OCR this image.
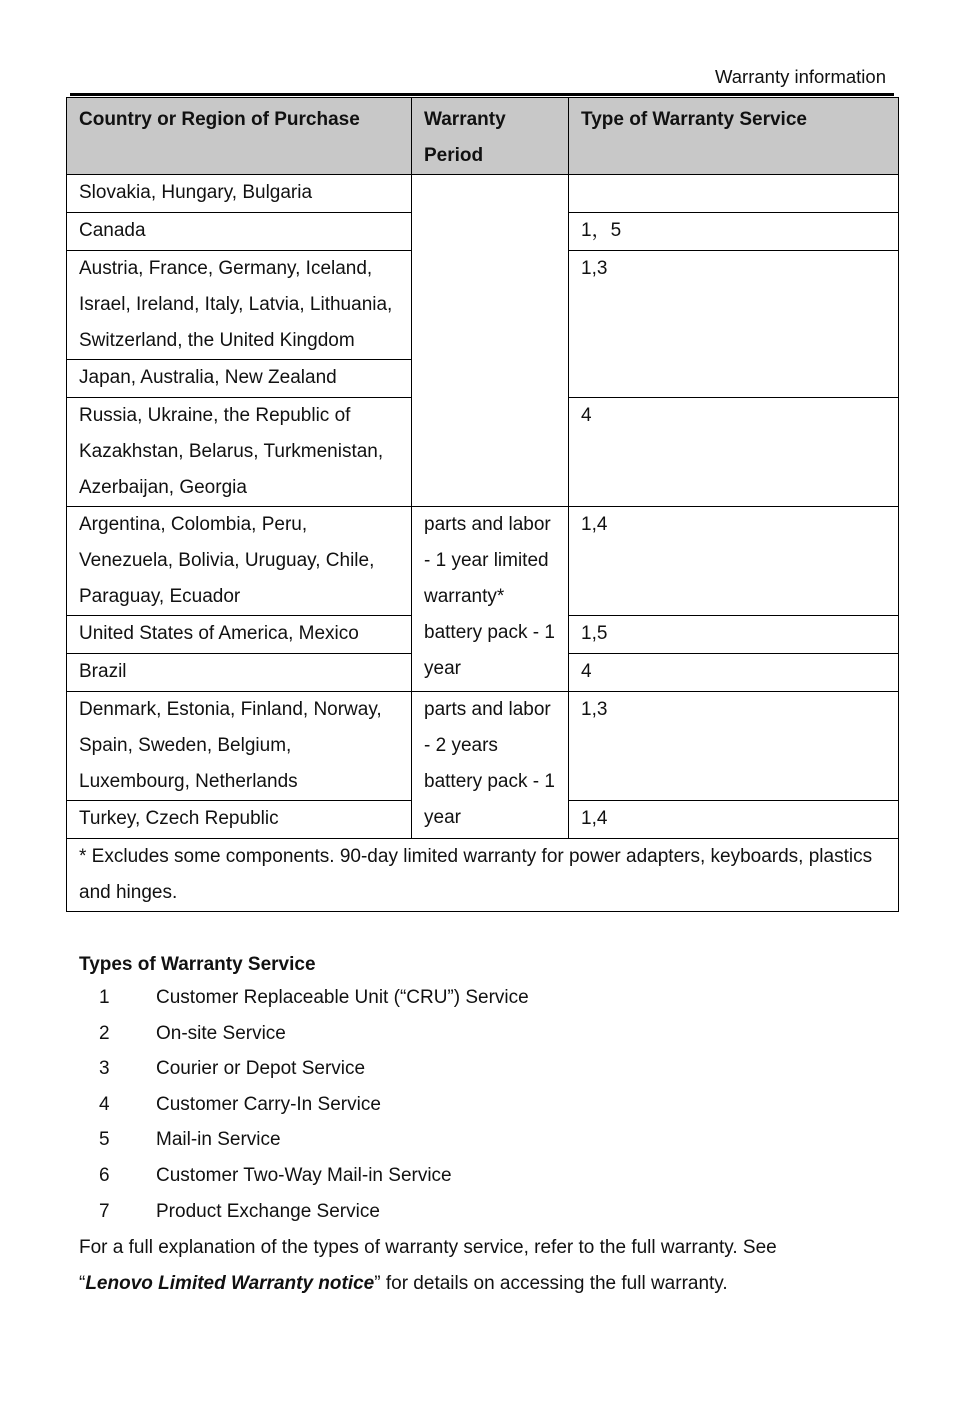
Warranty information
Country or Region of Purchase	Warranty Period	Type of Warranty Service
Slovakia, Hungary, Bulgaria		
Canada		1，5
Austria, France, Germany, Iceland, Israel, Ireland, Italy, Latvia, Lithuania, Switzerland, the United Kingdom		1,3
Japan, Australia, New Zealand		
Russia, Ukraine, the Republic of Kazakhstan, Belarus, Turkmenistan, Azerbaijan, Georgia		4
Argentina, Colombia, Peru, Venezuela, Bolivia, Uruguay, Chile, Paraguay, Ecuador	parts and labor - 1 year limited warranty* battery pack - 1 year	1,4
United States of America, Mexico		1,5
Brazil		4
Denmark, Estonia, Finland, Norway, Spain, Sweden, Belgium, Luxembourg, Netherlands	parts and labor - 2 years battery pack - 1 year	1,3
Turkey, Czech Republic		1,4
* Excludes some components. 90-day limited warranty for power adapters, keyboards, plastics and hinges.		
Types of Warranty Service
1	Customer Replaceable Unit (“CRU”) Service
2	On-site Service
3	Courier or Depot Service
4	Customer Carry-In Service
5	Mail-in Service
6	Customer Two-Way Mail-in Service
7	Product Exchange Service
For a full explanation of the types of warranty service, refer to the full warranty. See
“Lenovo Limited Warranty notice” for details on accessing the full warranty.
